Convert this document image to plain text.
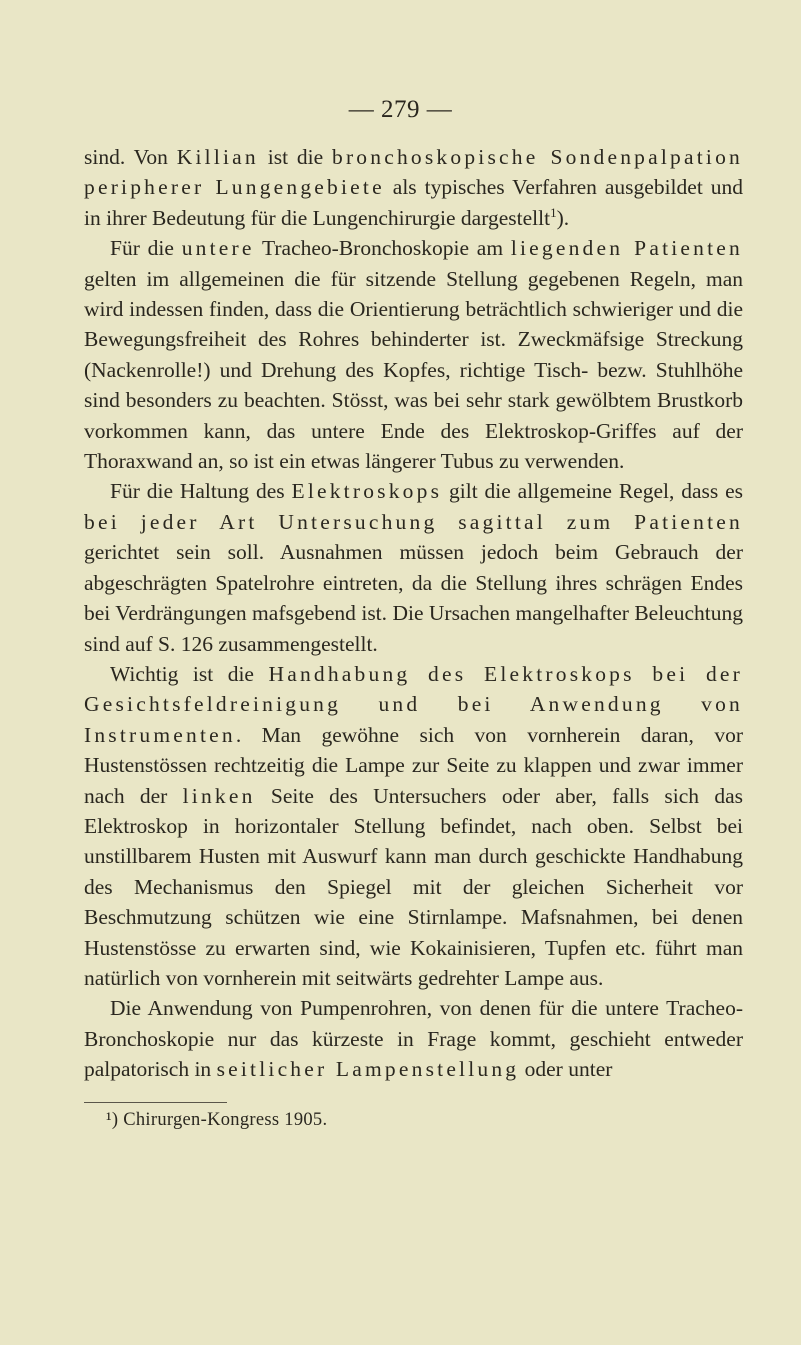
— 279 —

sind. Von Killian ist die bronchoskopische Sondenpalpation peripherer Lungengebiete als typisches Verfahren ausgebildet und in ihrer Bedeutung für die Lungenchirurgie dargestellt$^1$).

Für die untere Tracheo-Bronchoskopie am liegenden Patienten gelten im allgemeinen die für sitzende Stellung gegebenen Regeln, man wird indessen finden, dass die Orientierung beträchtlich schwieriger und die Bewegungsfreiheit des Rohres behinderter ist. Zweckmäfsige Streckung (Nackenrolle!) und Drehung des Kopfes, richtige Tisch- bezw. Stuhlhöhe sind besonders zu beachten. Stösst, was bei sehr stark gewölbtem Brustkorb vorkommen kann, das untere Ende des Elektroskop-Griffes auf der Thoraxwand an, so ist ein etwas längerer Tubus zu verwenden.

Für die Haltung des Elektroskops gilt die allgemeine Regel, dass es bei jeder Art Untersuchung sagittal zum Patienten gerichtet sein soll. Ausnahmen müssen jedoch beim Gebrauch der abgeschrägten Spatelrohre eintreten, da die Stellung ihres schrägen Endes bei Verdrängungen mafsgebend ist. Die Ursachen mangelhafter Beleuchtung sind auf S. 126 zusammengestellt.

Wichtig ist die Handhabung des Elektroskops bei der Gesichtsfeldreinigung und bei Anwendung von Instrumenten. Man gewöhne sich von vornherein daran, vor Hustenstössen rechtzeitig die Lampe zur Seite zu klappen und zwar immer nach der linken Seite des Untersuchers oder aber, falls sich das Elektroskop in horizontaler Stellung befindet, nach oben. Selbst bei unstillbarem Husten mit Auswurf kann man durch geschickte Handhabung des Mechanismus den Spiegel mit der gleichen Sicherheit vor Beschmutzung schützen wie eine Stirnlampe. Mafsnahmen, bei denen Hustenstösse zu erwarten sind, wie Kokainisieren, Tupfen etc. führt man natürlich von vornherein mit seitwärts gedrehter Lampe aus.

Die Anwendung von Pumpenrohren, von denen für die untere Tracheo-Bronchoskopie nur das kürzeste in Frage kommt, geschieht entweder palpatorisch in seitlicher Lampenstellung oder unter

¹) Chirurgen-Kongress 1905.
